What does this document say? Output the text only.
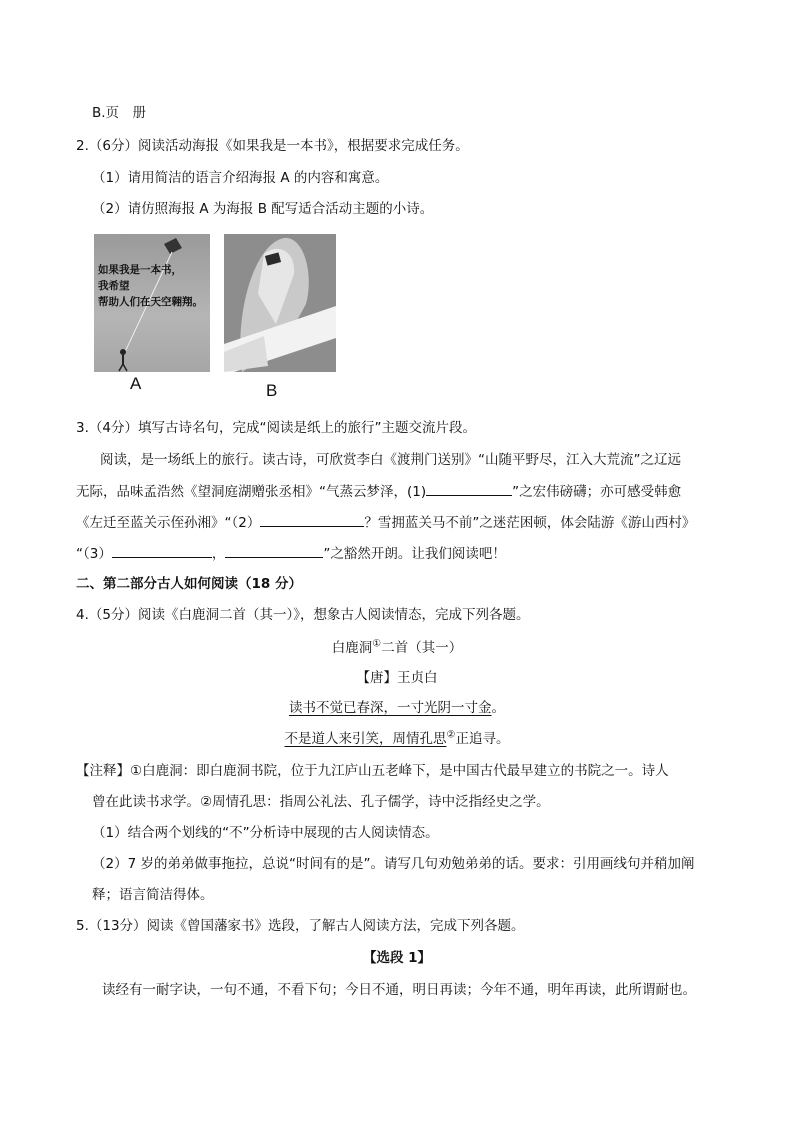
B.页　册
2.（6分）阅读活动海报《如果我是一本书》，根据要求完成任务。
（1）请用简洁的语言介绍海报 A 的内容和寓意。
（2）请仿照海报 A 为海报 B 配写适合活动主题的小诗。
如果我是一本书，
我希望
帮助人们在天空翱翔。
A	B
3.（4分）填写古诗名句，完成“阅读是纸上的旅行”主题交流片段。
阅读，是一场纸上的旅行。读古诗，可欣赏李白《渡荆门送别》“山随平野尽，江入大荒流”之辽远
无际，品味孟浩然《望洞庭湖赠张丞相》“气蒸云梦泽，(1)	”之宏伟磅礴；亦可感受韩愈
《左迁至蓝关示侄孙湘》“（2）	？雪拥蓝关马不前”之迷茫困顿，体会陆游《游山西村》
“（3）	，	”之豁然开朗。让我们阅读吧！
二、第二部分古人如何阅读（18 分）
4.（5分）阅读《白鹿洞二首（其一）》，想象古人阅读情态，完成下列各题。
白鹿洞①二首（其一）
【唐】王贞白
读书不觉已春深，一寸光阴一寸金。
不是道人来引笑，周情孔思②正追寻。
【注释】①白鹿洞：即白鹿洞书院，位于九江庐山五老峰下，是中国古代最早建立的书院之一。诗人
曾在此读书求学。②周情孔思：指周公礼法、孔子儒学，诗中泛指经史之学。
（1）结合两个划线的“不”分析诗中展现的古人阅读情态。
（2）7 岁的弟弟做事拖拉，总说“时间有的是”。请写几句劝勉弟弟的话。要求：引用画线句并稍加阐
释；语言简洁得体。
5.（13分）阅读《曾国藩家书》选段，了解古人阅读方法，完成下列各题。
【选段 1】
读经有一耐字诀，一句不通，不看下句；今日不通，明日再读；今年不通，明年再读，此所谓耐也。
